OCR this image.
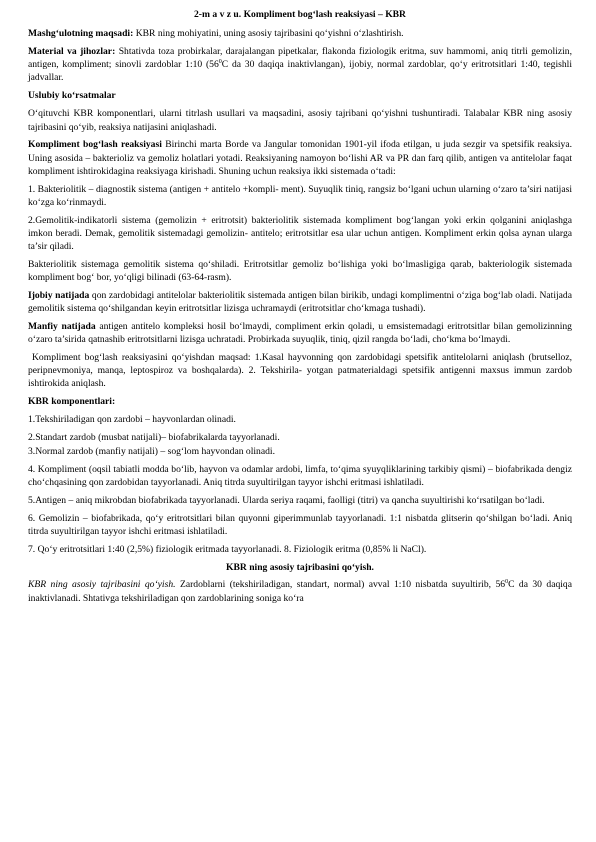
2-m a v z u. Kompliment bog‘lash reaksiyasi – KBR

Mashg‘ulotning maqsadi: KBR ning mohiyatini, uning asosiy tajribasini qo‘yishni o‘zlashtirish.

Material va jihozlar: Shtativda toza probirkalar, darajalangan pipetkalar, flakonda fiziologik eritma, suv hammomi, aniq titrli gemolizin, antigen, kompliment; sinovli zardoblar 1:10 ($56^0C$ da 30 daqiqa inaktivlangan), ijobiy, normal zardoblar, qo‘y eritrotsitlari 1:40, tegishli jadvallar.

Uslubiy ko‘rsatmalar

O‘qituvchi KBR komponentlari, ularni titrlash usullari va maqsadini, asosiy tajribani qo‘yishni tushuntiradi. Talabalar KBR ning asosiy tajribasini qo‘yib, reaksiya natijasini aniqlashadi.

Kompliment bog‘lash reaksiyasi Birinchi marta Borde va Jangular tomonidan 1901-yil ifoda etilgan, u juda sezgir va spetsifik reaksiya. Uning asosida – bakterioliz va gemoliz holatlari yotadi. Reaksiyaning namoyon bo‘lishi AR va PR dan farq qilib, antigen va antitelolar faqat kompliment ishtirokidagina reaksiyaga kirishadi. Shuning uchun reaksiya ikki sistemada o‘tadi:

1. Bakteriolitik – diagnostik sistema (antigen + antitelo +kompli- ment). Suyuqlik tiniq, rangsiz bo‘lgani uchun ularning o‘zaro ta’siri natijasi ko‘zga ko‘rinmaydi.

2.Gemolitik-indikatorli sistema (gemolizin + eritrotsit) bakteriolitik sistemada kompliment bog‘langan yoki erkin qolganini aniqlashga imkon beradi. Demak, gemolitik sistemadagi gemolizin- antitelo; eritrotsitlar esa ular uchun antigen. Kompliment erkin qolsa aynan ularga ta’sir qiladi.

Bakteriolitik sistemaga gemolitik sistema qo‘shiladi. Eritrotsitlar gemoliz bo‘lishiga yoki bo‘lmasligiga qarab, bakteriologik sistemada kompliment bog‘ bor, yo‘qligi bilinadi (63-64-rasm).

Ijobiy natijada qon zardobidagi antitelolar bakteriolitik sistemada antigen bilan birikib, undagi komplimentni o‘ziga bog‘lab oladi. Natijada gemolitik sistema qo‘shilgandan keyin eritrotsitlar lizisga uchramaydi (eritrotsitlar cho‘kmaga tushadi).

Manfiy natijada antigen antitelo kompleksi hosil bo‘lmaydi, compliment erkin qoladi, u emsistemadagi eritrotsitlar bilan gemolizinning o‘zaro ta’sirida qatnashib eritrotsitlarni lizisga uchratadi. Probirkada suyuqlik, tiniq, qizil rangda bo‘ladi, cho‘kma bo‘lmaydi.

Kompliment bog‘lash reaksiyasini qo‘yishdan maqsad: 1.Kasal hayvonning qon zardobidagi spetsifik antitelolarni aniqlash (brutselloz, peripnevmoniya, manqa, leptospiroz va boshqalarda). 2. Tekshirila- yotgan patmaterialdagi spetsifik antigenni maxsus immun zardob ishtirokida aniqlash.

KBR komponentlari:

1.Tekshiriladigan qon zardobi – hayvonlardan olinadi.

2.Standart zardob (musbat natijali)– biofabrikalarda tayyorlanadi.

3.Normal zardob (manfiy natijali) – sog‘lom hayvondan olinadi.

4. Kompliment (oqsil tabiatli modda bo‘lib, hayvon va odamlar ardobi, limfa, to‘qima syuyqliklarining tarkibiy qismi) – biofabrikada dengiz cho‘chqasining qon zardobidan tayyorlanadi. Aniq titrda suyultirilgan tayyor ishchi eritmasi ishlatiladi.

5.Antigen – aniq mikrobdan biofabrikada tayyorlanadi. Ularda seriya raqami, faolligi (titri) va qancha suyultirishi ko‘rsatilgan bo‘ladi.

6. Gemolizin – biofabrikada, qo‘y eritrotsitlari bilan quyonni giperimmunlab tayyorlanadi. 1:1 nisbatda glitserin qo‘shilgan bo‘ladi. Aniq titrda suyultirilgan tayyor ishchi eritmasi ishlatiladi.

7. Qo‘y eritrotsitlari 1:40 (2,5%) fiziologik eritmada tayyorlanadi. 8. Fiziologik eritma (0,85% li NaCl).

KBR ning asosiy tajribasini qo‘yish.

KBR ning asosiy tajribasini qo‘yish. Zardoblarni (tekshiriladigan, standart, normal) avval 1:10 nisbatda suyultirib, $56^0C$ da 30 daqiqa inaktivlanadi. Shtativga tekshiriladigan qon zardoblarining soniga ko‘ra
